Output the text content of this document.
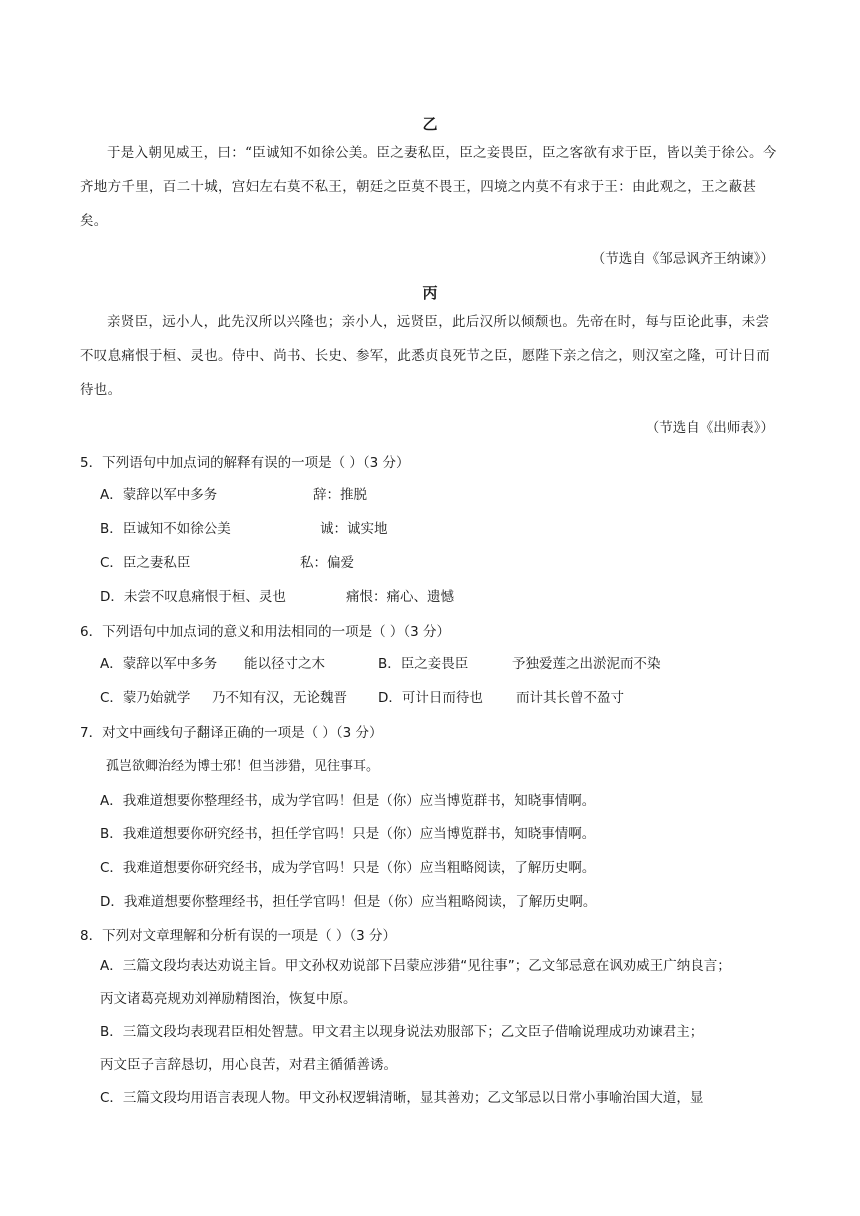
乙
于是入朝见威王，曰：“臣诚知不如徐公美。臣之妻私臣，臣之妾畏臣，臣之客欲有求于臣，皆以美于徐公。今齐地方千里，百二十城，宫妇左右莫不私王，朝廷之臣莫不畏王，四境之内莫不有求于王：由此观之，王之蔽甚矣。
（节选自《邹忌讽齐王纳谏》）
丙
亲贤臣，远小人，此先汉所以兴隆也；亲小人，远贤臣，此后汉所以倾颓也。先帝在时，每与臣论此事，未尝不叹息痛恨于桓、灵也。侍中、尚书、长史、参军，此悉贞良死节之臣，愿陛下亲之信之，则汉室之隆，可计日而待也。
（节选自《出师表》）
5．下列语句中加点词的解释有误的一项是（ ）（3 分）
A．蒙辞以军中多务	辞：推脱
B．臣诚知不如徐公美	诚：诚实地
C．臣之妻私臣	私：偏爱
D．未尝不叹息痛恨于桓、灵也	痛恨：痛心、遗憾
6．下列语句中加点词的意义和用法相同的一项是（ ）（3 分）
A．蒙辞以军中多务 能以径寸之木	B．臣之妾畏臣	予独爱莲之出淤泥而不染
C．蒙乃始就学 乃不知有汉，无论魏晋 D．可计日而待也 而计其长曾不盈寸
7．对文中画线句子翻译正确的一项是（ ）（3 分）
孤岂欲卿治经为博士邪！但当涉猎，见往事耳。
A．我难道想要你整理经书，成为学官吗！但是（你）应当博览群书，知晓事情啊。
B．我难道想要你研究经书，担任学官吗！只是（你）应当博览群书，知晓事情啊。
C．我难道想要你研究经书，成为学官吗！只是（你）应当粗略阅读，了解历史啊。
D．我难道想要你整理经书，担任学官吗！但是（你）应当粗略阅读，了解历史啊。
8．下列对文章理解和分析有误的一项是（ ）（3 分）
A．三篇文段均表达劝说主旨。甲文孙权劝说部下吕蒙应涉猎“见往事”；乙文邹忌意在讽劝威王广纳良言；
丙文诸葛亮规劝刘禅励精图治，恢复中原。
B．三篇文段均表现君臣相处智慧。甲文君主以现身说法劝服部下；乙文臣子借喻说理成功劝谏君主；
丙文臣子言辞恳切，用心良苦，对君主循循善诱。
C．三篇文段均用语言表现人物。甲文孙权逻辑清晰，显其善劝；乙文邹忌以日常小事喻治国大道，显
